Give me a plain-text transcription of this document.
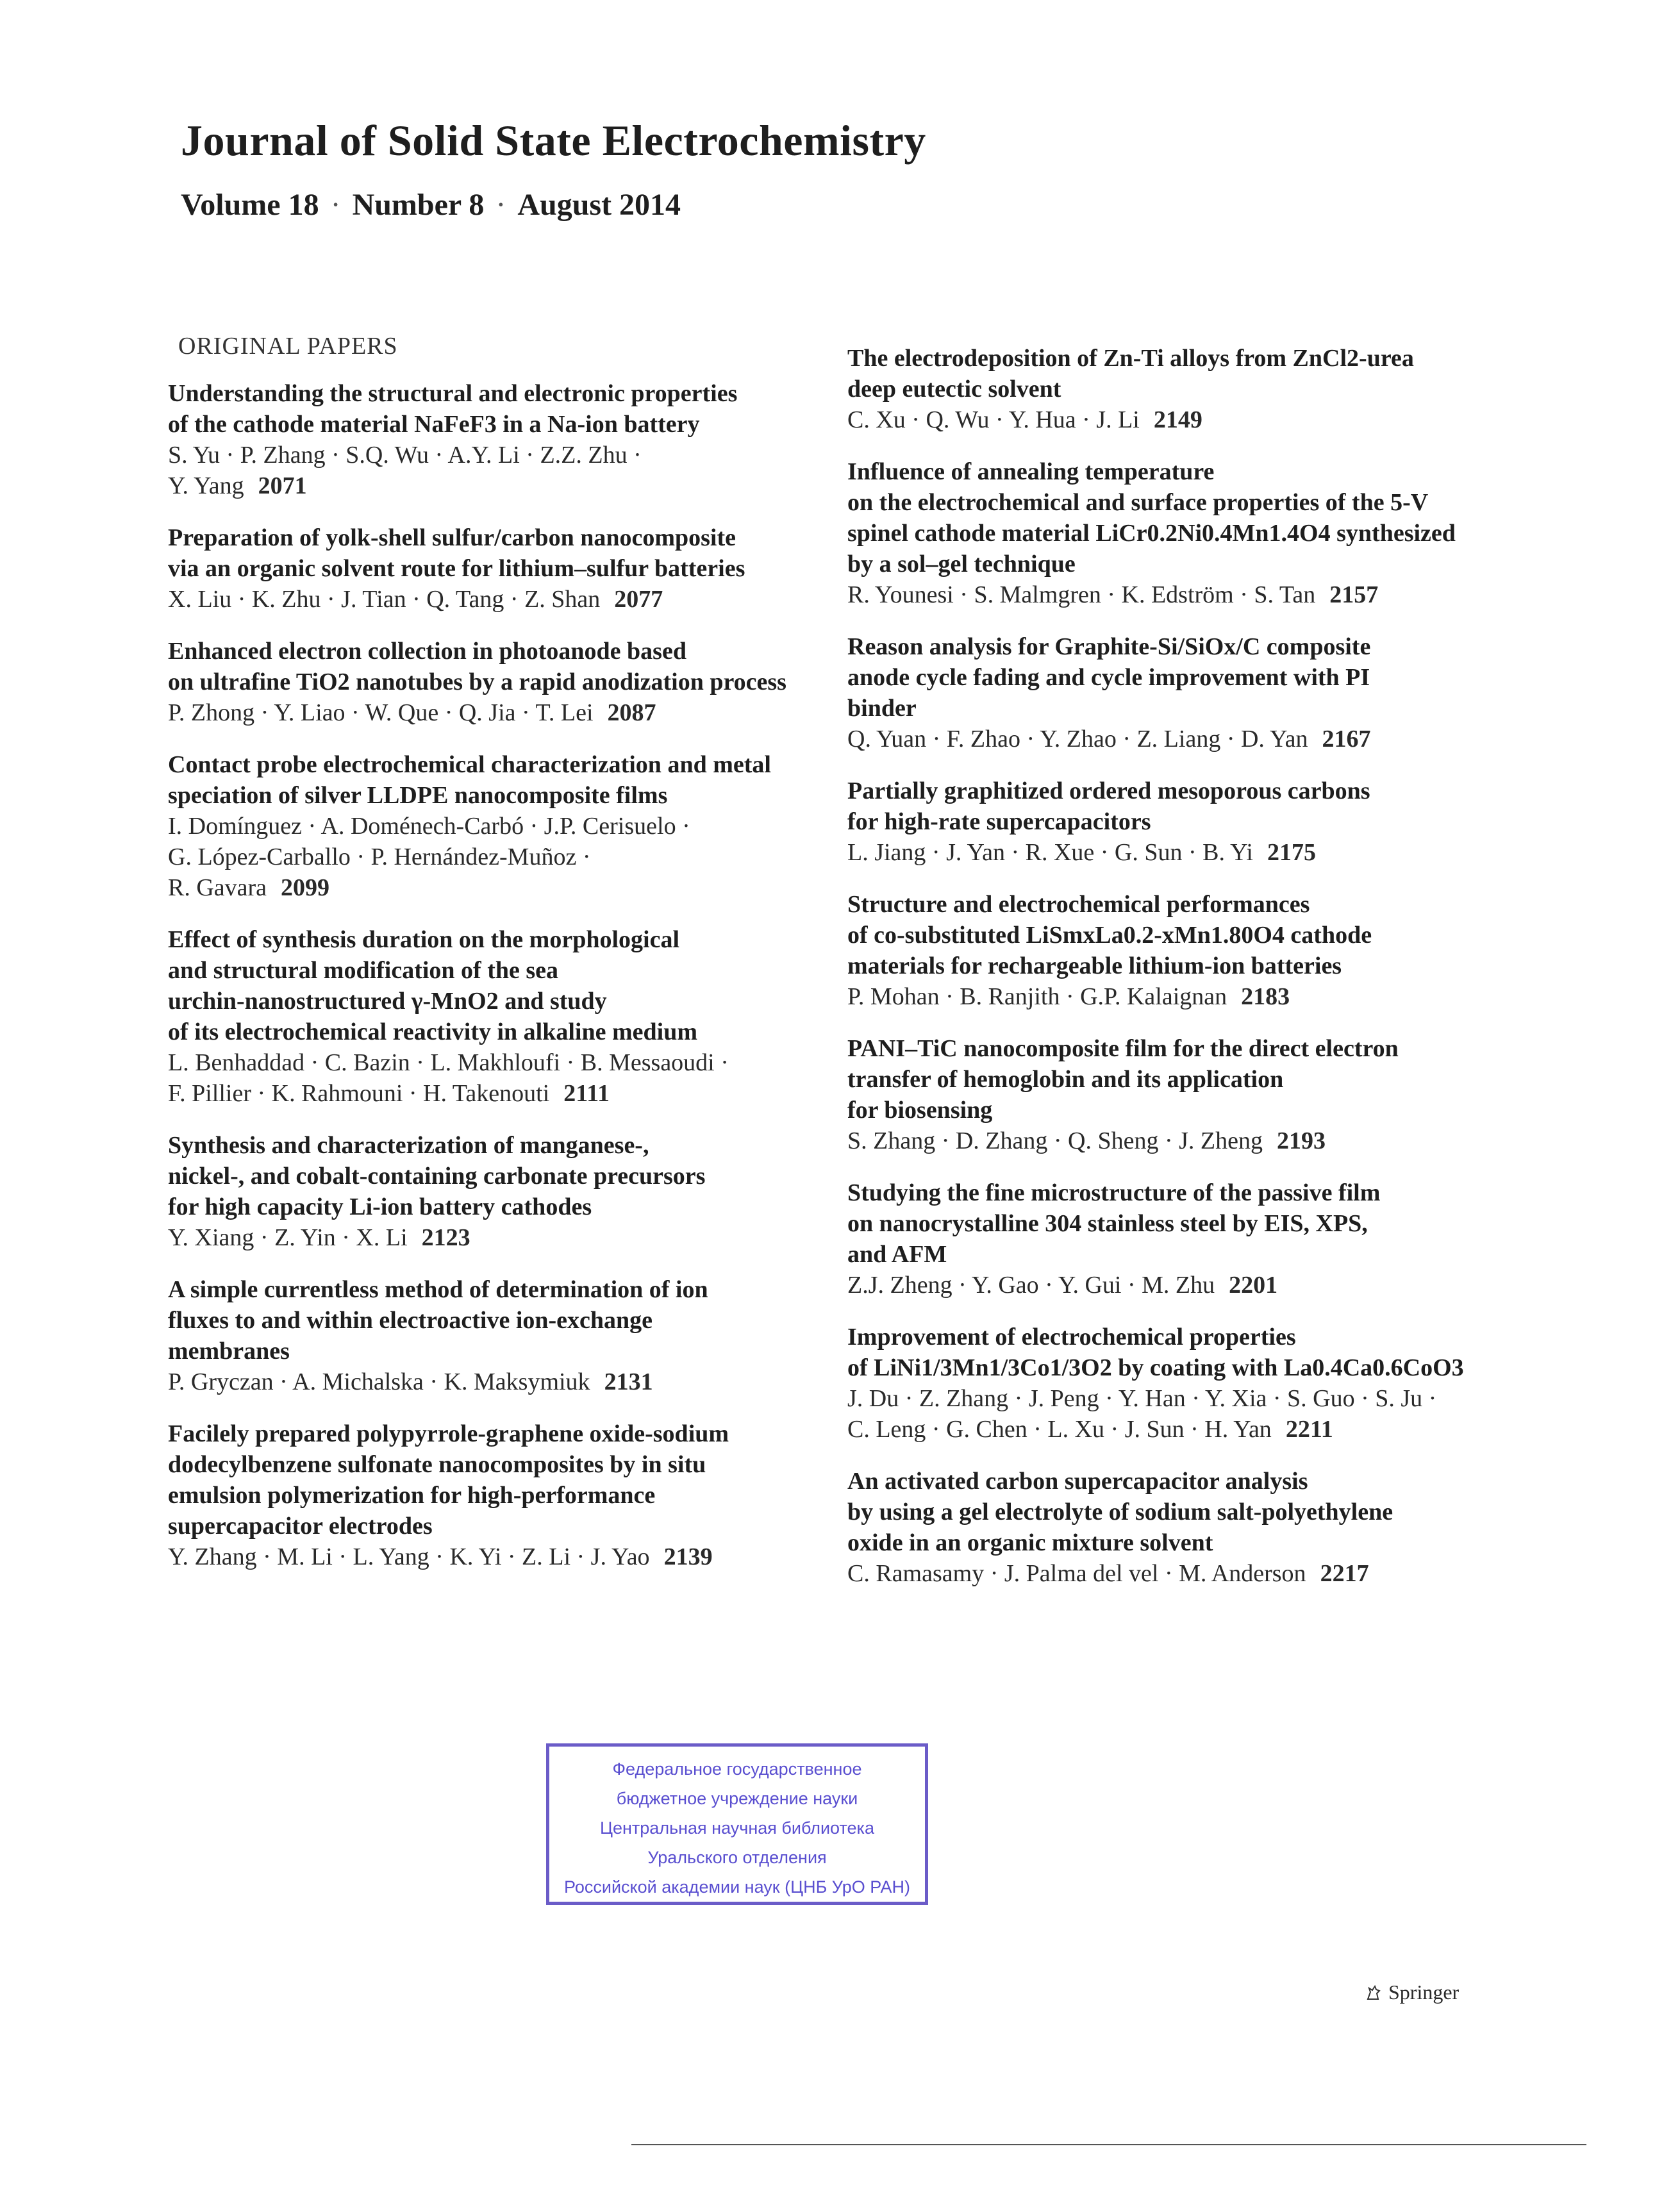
Journal of Solid State Electrochemistry

Volume 18 · Number 8 · August 2014

ORIGINAL PAPERS

Understanding the structural and electronic properties

of the cathode material NaFeF3 in a Na-ion battery

S. Yu · P. Zhang · S.Q. Wu · A.Y. Li · Z.Z. Zhu ·

Y. Yang 2071

Preparation of yolk-shell sulfur/carbon nanocomposite

via an organic solvent route for lithium–sulfur batteries

X. Liu · K. Zhu · J. Tian · Q. Tang · Z. Shan 2077

Enhanced electron collection in photoanode based

on ultrafine TiO2 nanotubes by a rapid anodization process

P. Zhong · Y. Liao · W. Que · Q. Jia · T. Lei 2087

Contact probe electrochemical characterization and metal

speciation of silver LLDPE nanocomposite films

I. Domínguez · A. Doménech-Carbó · J.P. Cerisuelo ·

G. López-Carballo · P. Hernández-Muñoz ·

R. Gavara 2099

Effect of synthesis duration on the morphological

and structural modification of the sea

urchin-nanostructured γ-MnO2 and study

of its electrochemical reactivity in alkaline medium

L. Benhaddad · C. Bazin · L. Makhloufi · B. Messaoudi ·

F. Pillier · K. Rahmouni · H. Takenouti 2111

Synthesis and characterization of manganese-,

nickel-, and cobalt-containing carbonate precursors

for high capacity Li-ion battery cathodes

Y. Xiang · Z. Yin · X. Li 2123

A simple currentless method of determination of ion

fluxes to and within electroactive ion-exchange

membranes

P. Gryczan · A. Michalska · K. Maksymiuk 2131

Facilely prepared polypyrrole-graphene oxide-sodium

dodecylbenzene sulfonate nanocomposites by in situ

emulsion polymerization for high-performance

supercapacitor electrodes

Y. Zhang · M. Li · L. Yang · K. Yi · Z. Li · J. Yao 2139

The electrodeposition of Zn-Ti alloys from ZnCl2-urea

deep eutectic solvent

C. Xu · Q. Wu · Y. Hua · J. Li 2149

Influence of annealing temperature

on the electrochemical and surface properties of the 5-V

spinel cathode material LiCr0.2Ni0.4Mn1.4O4 synthesized

by a sol–gel technique

R. Younesi · S. Malmgren · K. Edström · S. Tan 2157

Reason analysis for Graphite-Si/SiOx/C composite

anode cycle fading and cycle improvement with PI

binder

Q. Yuan · F. Zhao · Y. Zhao · Z. Liang · D. Yan 2167

Partially graphitized ordered mesoporous carbons

for high-rate supercapacitors

L. Jiang · J. Yan · R. Xue · G. Sun · B. Yi 2175

Structure and electrochemical performances

of co-substituted LiSmxLa0.2-xMn1.80O4 cathode

materials for rechargeable lithium-ion batteries

P. Mohan · B. Ranjith · G.P. Kalaignan 2183

PANI–TiC nanocomposite film for the direct electron

transfer of hemoglobin and its application

for biosensing

S. Zhang · D. Zhang · Q. Sheng · J. Zheng 2193

Studying the fine microstructure of the passive film

on nanocrystalline 304 stainless steel by EIS, XPS,

and AFM

Z.J. Zheng · Y. Gao · Y. Gui · M. Zhu 2201

Improvement of electrochemical properties

of LiNi1/3Mn1/3Co1/3O2 by coating with La0.4Ca0.6CoO3

J. Du · Z. Zhang · J. Peng · Y. Han · Y. Xia · S. Guo · S. Ju ·

C. Leng · G. Chen · L. Xu · J. Sun · H. Yan 2211

An activated carbon supercapacitor analysis

by using a gel electrolyte of sodium salt-polyethylene

oxide in an organic mixture solvent

C. Ramasamy · J. Palma del vel · M. Anderson 2217

Федеральное государственное

бюджетное учреждение науки

Центральная научная библиотека

Уральского отделения

Российской академии наук (ЦНБ УрО РАН)

Springer
